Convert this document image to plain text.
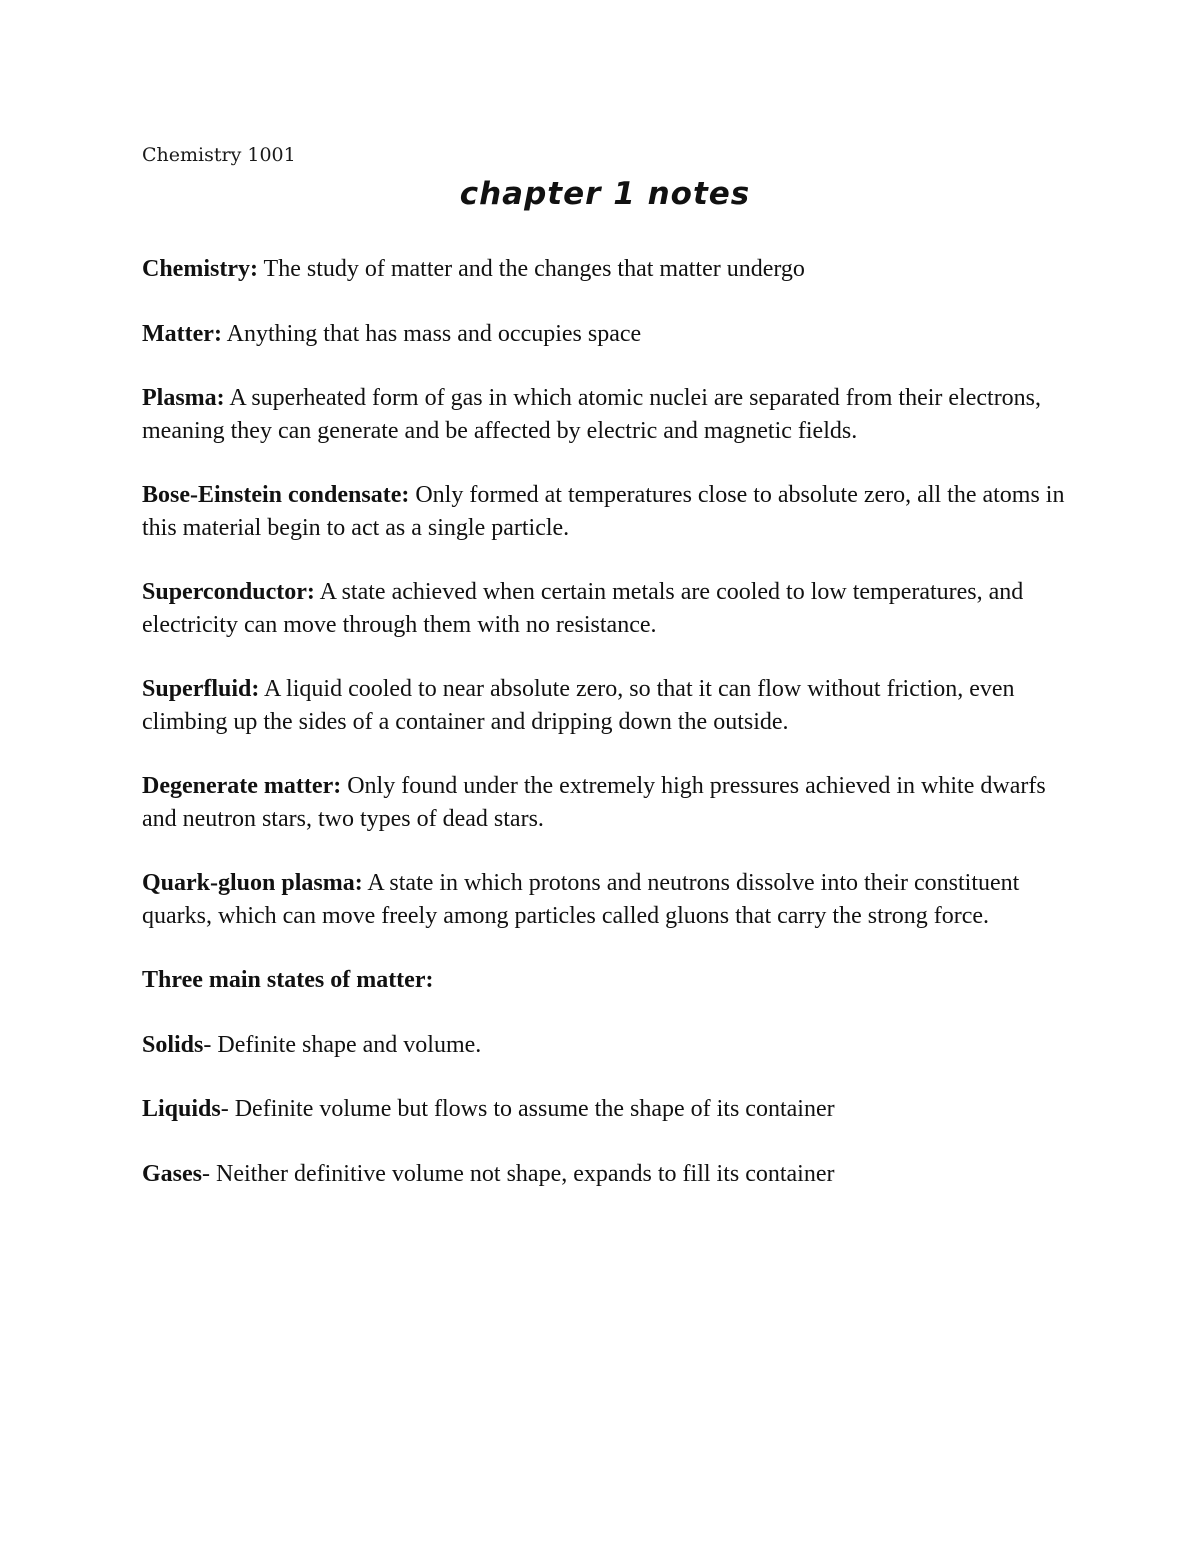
Chemistry 1001
chapter 1 notes

Chemistry: The study of matter and the changes that matter undergo

Matter: Anything that has mass and occupies space

Plasma: A superheated form of gas in which atomic nuclei are separated from their electrons, meaning they can generate and be affected by electric and magnetic fields.

Bose-Einstein condensate: Only formed at temperatures close to absolute zero, all the atoms in this material begin to act as a single particle.

Superconductor: A state achieved when certain metals are cooled to low temperatures, and electricity can move through them with no resistance.

Superfluid: A liquid cooled to near absolute zero, so that it can flow without friction, even climbing up the sides of a container and dripping down the outside.

Degenerate matter: Only found under the extremely high pressures achieved in white dwarfs and neutron stars, two types of dead stars.

Quark-gluon plasma: A state in which protons and neutrons dissolve into their constituent quarks, which can move freely among particles called gluons that carry the strong force.

Three main states of matter:

Solids- Definite shape and volume.

Liquids- Definite volume but flows to assume the shape of its container

Gases- Neither definitive volume not shape, expands to fill its container
